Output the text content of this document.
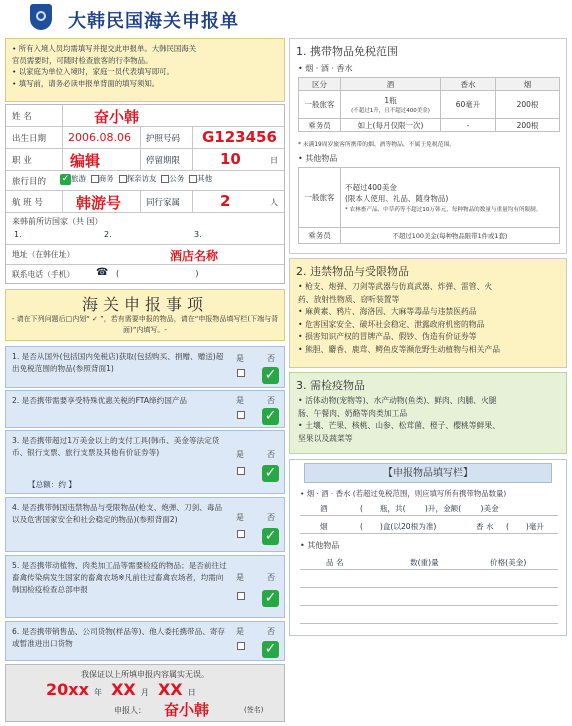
大韩民国海关申报单
• 所有入境人员均需填写并提交此申报单。大韩民国海关
官员需要时，可随时检查旅客的行李物品。
• 以家庭为单位入境时，家庭一员代表填写即可。
• 填写前，请务必读申报单背面的填写须知。
姓 名	奋小韩
出生日期 2006.08.06 护照号码 G123456
职 业	编辑	停留期限	10	日
旅行目的 ✓ 旅游 商务 探亲访友 公务 其他
航 班 号 韩游号	同行家属	2	人
来韩前所访国家（共 国）
1.	2.	3.
地址（在韩住址）	酒店名称
联系电话（手机） ☎ (                              )
海关申报事项
- 请在下列问题后□内划“ ✓ ”，若有需要申报的物品，请在“申报物品填写栏(下端与背面)”内填写。-
1. 是否从国外(包括国内免税店)获取(包括购买、捐赠、赠送)超出免税范围的物品(参照背面1)
是	否
✓
2. 是否携带需要享受特殊优惠关税的FTA缔约国产品	是	否
✓
3. 是否携带超过1万美金以上的支付工具(韩币、美金等法定货币、银行支票、旅行支票及其他有价证券等)
【总额：约 】
是	否
✓
4. 是否携带韩国违禁物品与受限物品(枪支、炮弹、刀剑、毒品以及危害国家安全和社会稳定的物品)(参照背面2)	是	否
✓
5. 是否携带动植物、肉类加工品等需要检疫的物品；是否前往过畜禽传染病发生国家的畜禽农场※凡前往过畜禽农场者，均需向韩国检疫检查总部申报
是	否
✓
6. 是否携带销售品、公司货物(样品等)、他人委托携带品、寄存或暂准进出口货物
是	否
✓
我保证以上所填申报内容属实无误。
20xx 年 XX 月 XX 日
申报人： 奋小韩	(签名)
1. 携带物品免税范围
• 烟 · 酒 · 香水
区分	酒	香水	烟
一般旅客	1瓶
(不超过1升，且不超过400美金)	60毫升	200根
乘务员	如上(每月仅限一次)	-	200根
* 未满19周岁旅客所携带的烟、酒等物品，不属于免税范围。
• 其他物品
一般旅客	不超过400美金
(限本人使用、礼品、随身物品)
* 农林畜产品、中草药等不超过10万韩元，每种物品的数量与重量均有所限制。

乘务员	不超过100美金(每种物品限带1件或1套)
2. 违禁物品与受限物品
• 枪支、炮弹、刀剑等武器与仿真武器、炸弹、雷管、火
药、放射性物质、窃听装置等
• 麻黄素、鸦片、海洛因、大麻等毒品与违禁医药品
• 危害国家安全、破坏社会稳定、泄露政府机密的物品
• 损害知识产权的冒牌产品、假钞、伪造有价证券等
• 熊胆、麝香、鹿茸、鳄鱼皮等濒危野生动植物与相关产品
3. 需检疫物品
• 活体动物(宠物等)、水产动物(鱼类)、鲜肉、肉脯、火腿
肠、午餐肉、奶酪等肉类加工品
• 土壤、芒果、核桃、山参、松茸菌、橙子、樱桃等鲜果、
坚果以及蔬菜等
【申报物品填写栏】
• 烟 · 酒 · 香水 (若超过免税范围，则应填写所有携带物品数量)
酒	(       瓶，共(        )升，金额(        )美金
烟	(       )盒(以20根为准)	香 水 (       )毫升
• 其他物品
品 名	数(重)量	价格(美金)
